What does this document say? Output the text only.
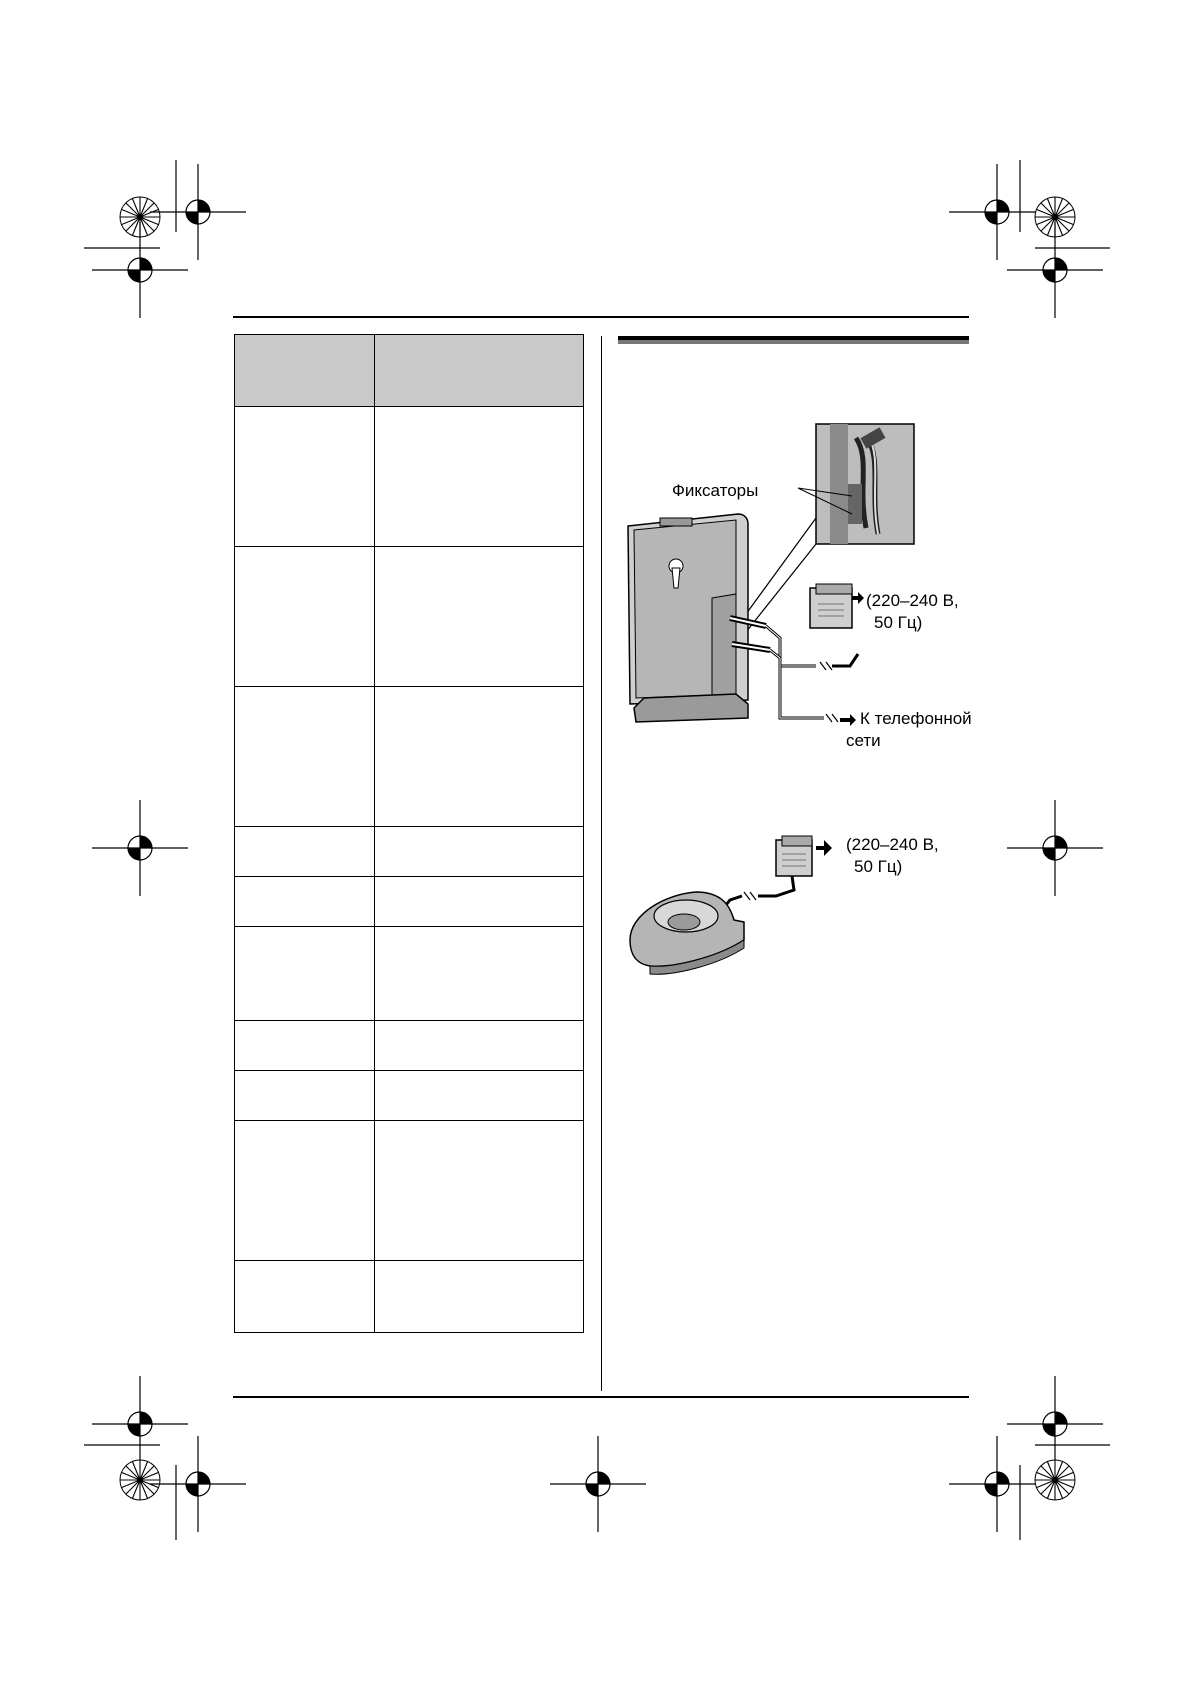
Фиксаторы
(220–240 В,
50 Гц)
К телефонной
сети
(220–240 В,
50 Гц)
